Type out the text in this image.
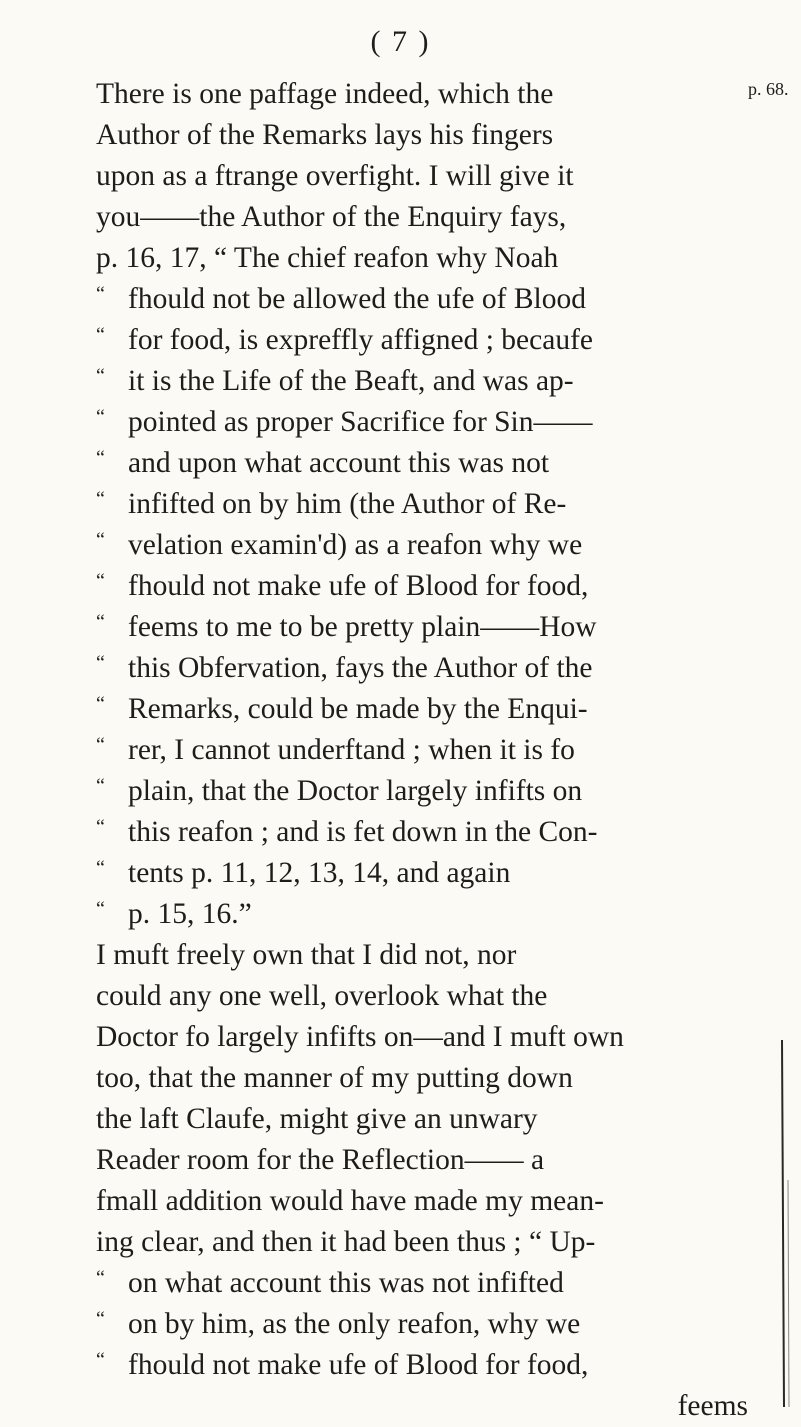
( 7 )
p. 68.
There is one paffage indeed, which the
Author of the Remarks lays his fingers
upon as a ftrange overfight. I will give it
you——the Author of the Enquiry fays,
p. 16, 17, “ The chief reafon why Noah
“ fhould not be allowed the ufe of Blood
“ for food, is expreffly affigned ; becaufe
“ it is the Life of the Beaft, and was ap-
“ pointed as proper Sacrifice for Sin——
“ and upon what account this was not
“ infifted on by him (the Author of Re-
“ velation examin'd) as a reafon why we
“ fhould not make ufe of Blood for food,
“ feems to me to be pretty plain——How
“ this Obfervation, fays the Author of the
“ Remarks, could be made by the Enqui-
“ rer, I cannot underftand ; when it is fo
“ plain, that the Doctor largely infifts on
“ this reafon ; and is fet down in the Con-
“ tents p. 11, 12, 13, 14, and again
“ p. 15, 16.”
I muft freely own that I did not, nor
could any one well, overlook what the
Doctor fo largely infifts on—and I muft own
too, that the manner of my putting down
the laft Claufe, might give an unwary
Reader room for the Reflection—— a
fmall addition would have made my mean-
ing clear, and then it had been thus ; “ Up-
“ on what account this was not infifted
“ on by him, as the only reafon, why we
“ fhould not make ufe of Blood for food,
feems
